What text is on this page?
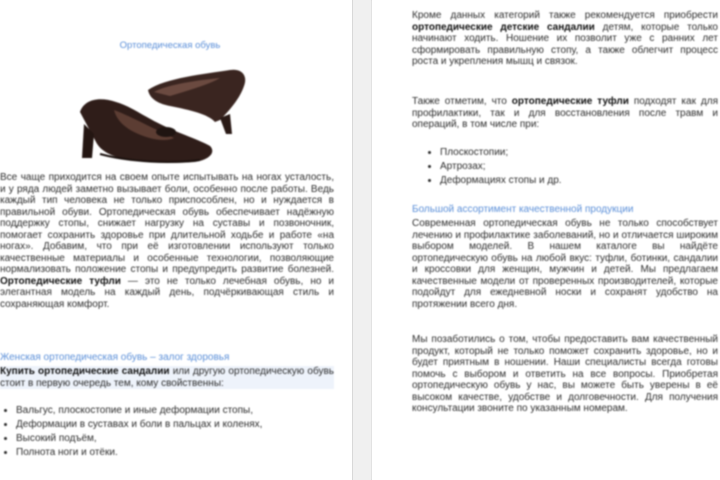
Ортопедическая обувь

Все чаще приходится на своем опыте испытывать на ногах усталость, и у ряда людей заметно вызывает боли, особенно после работы. Ведь каждый тип человека не только приспособлен, но и нуждается в правильной обуви. Ортопедическая обувь обеспечивает надёжную поддержку стопы, снижает нагрузку на суставы и позвоночник, помогает сохранить здоровье при длительной ходьбе и работе «на ногах». Добавим, что при её изготовлении используют только качественные материалы и особенные технологии, позволяющие нормализовать положение стопы и предупредить развитие болезней. Ортопедические туфли — это не только лечебная обувь, но и элегантная модель на каждый день, подчёркивающая стиль и сохраняющая комфорт.

Женская ортопедическая обувь – залог здоровья

Купить ортопедические сандалии или другую ортопедическую обувь стоит в первую очередь тем, кому свойственны:

• Вальгус, плоскостопие и иные деформации стопы,
• Деформации в суставах и боли в пальцах и коленях,
• Высокий подъём,
• Полнота ноги и отёки.

Кроме данных категорий также рекомендуется приобрести ортопедические детские сандалии детям, которые только начинают ходить. Ношение их позволит уже с ранних лет сформировать правильную стопу, а также облегчит процесс роста и укрепления мышц и связок.

Также отметим, что ортопедические туфли подходят как для профилактики, так и для восстановления после травм и операций, в том числе при:

• Плоскостопии;
• Артрозах;
• Деформациях стопы и др.
Большой ассортимент качественной продукции

Современная ортопедическая обувь не только способствует лечению и профилактике заболеваний, но и отличается широким выбором моделей. В нашем каталоге вы найдёте ортопедическую обувь на любой вкус: туфли, ботинки, сандалии и кроссовки для женщин, мужчин и детей. Мы предлагаем качественные модели от проверенных производителей, которые подойдут для ежедневной носки и сохранят удобство на протяжении всего дня.

Мы позаботились о том, чтобы предоставить вам качественный продукт, который не только поможет сохранить здоровье, но и будет приятным в ношении. Наши специалисты всегда готовы помочь с выбором и ответить на все вопросы. Приобретая ортопедическую обувь у нас, вы можете быть уверены в её высоком качестве, удобстве и долговечности. Для получения консультации звоните по указанным номерам.
